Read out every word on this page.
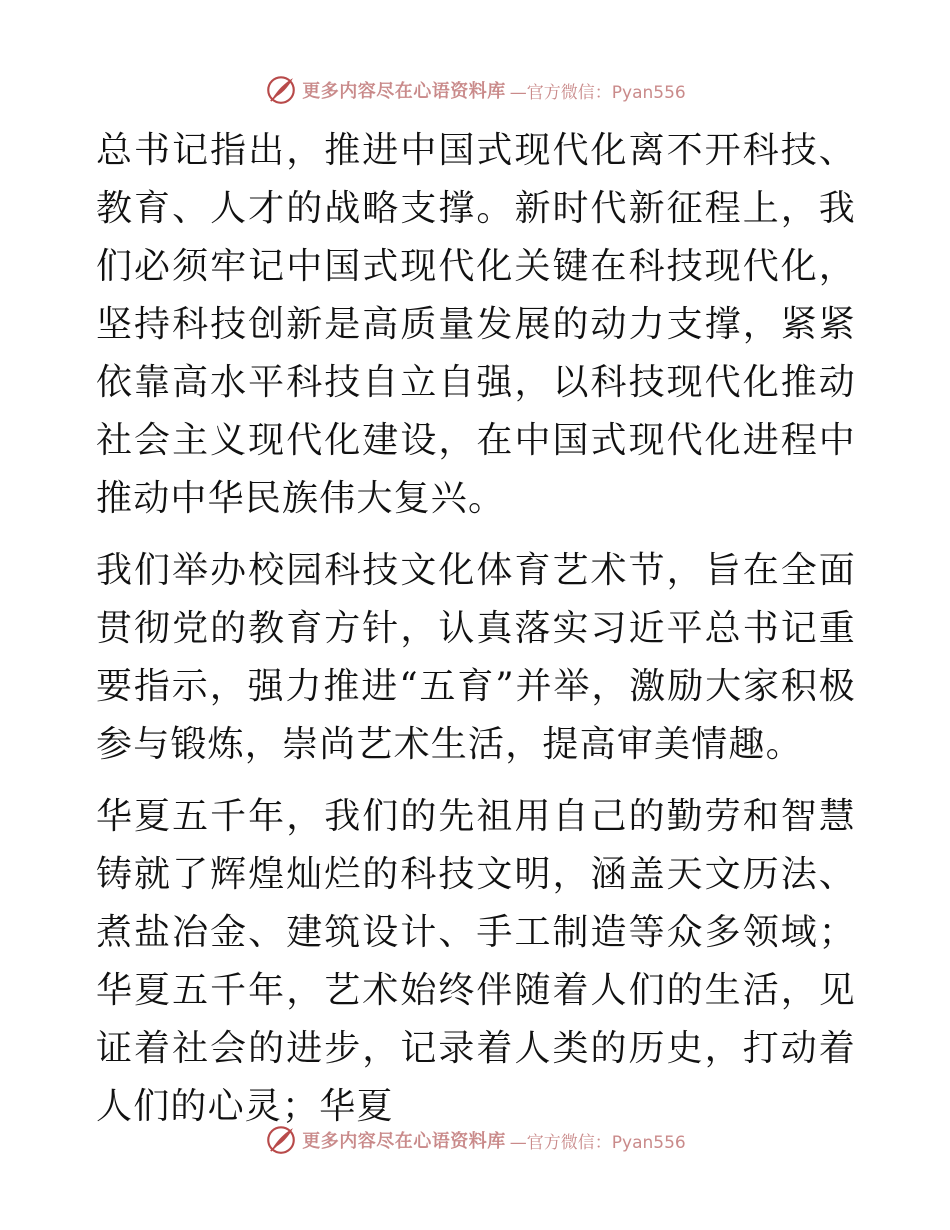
更多内容尽在心语资料库 —官方微信：Pyan556

总书记指出，推进中国式现代化离不开科技、教育、人才的战略支撑。新时代新征程上，我们必须牢记中国式现代化关键在科技现代化，坚持科技创新是高质量发展的动力支撑，紧紧依靠高水平科技自立自强，以科技现代化推动社会主义现代化建设，在中国式现代化进程中推动中华民族伟大复兴。

我们举办校园科技文化体育艺术节，旨在全面贯彻党的教育方针，认真落实习近平总书记重要指示，强力推进“五育”并举，激励大家积极参与锻炼，崇尚艺术生活，提高审美情趣。

华夏五千年，我们的先祖用自己的勤劳和智慧铸就了辉煌灿烂的科技文明，涵盖天文历法、煮盐冶金、建筑设计、手工制造等众多领域；华夏五千年，艺术始终伴随着人们的生活，见证着社会的进步，记录着人类的历史，打动着人们的心灵；华夏

更多内容尽在心语资料库 —官方微信：Pyan556
